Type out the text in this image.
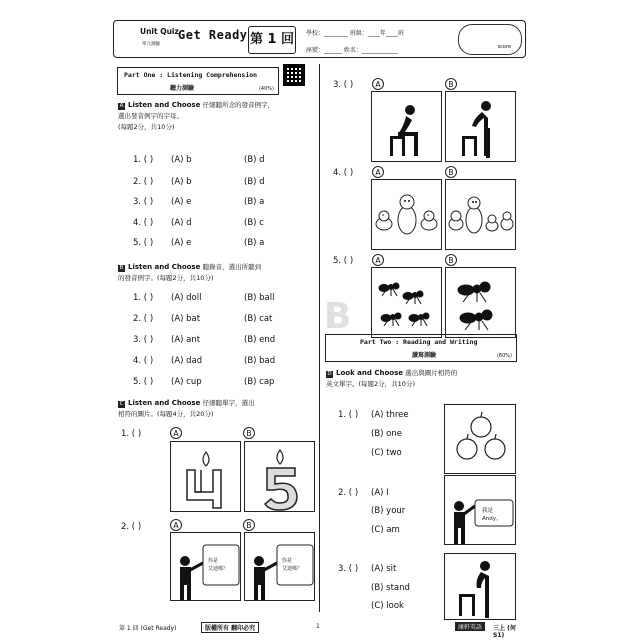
Unit Quiz
單元測驗
Get Ready 第 1 回	學校：________ 班級：____年____班
座號：______ 姓名：____________	score
Part One : Listening Comprehension
聽力測驗	(40%)
A Listen and Choose 仔細聽所念的發音例字，
選出發音例字的字母。
(每題2分，共10分)
1. ( ) (A) b	(B) d
2. ( ) (A) b	(B) d
3. ( ) (A) e	(B) a
4. ( ) (A) d	(B) c
5. ( ) (A) e	(B) a
B Listen and Choose 聽錄音，選出所聽到
的發音例字。(每題2分，共10分)
1. ( ) (A) doll	(B) ball
2. ( ) (A) bat	(B) cat
3. ( ) (A) ant	(B) end
4. ( ) (A) dad	(B) bad
5. ( ) (A) cup	(B) cap
C Listen and Choose 仔細聽單字，選出
相符的圖片。(每題4分，共20分)
1. ( )	A	B
2. ( )	A	B
你是
艾迪嗎？
你是
艾迪嗎？
3. ( )	A	B
4. ( )	A	B
5. ( )	A	B
B
Part Two : Reading and Writing
讀寫測驗	(60%)
D Look and Choose 選出與圖片相符的
英文單字。(每題2分，共10分)
1. ( ) (A) three
(B) one
(C) two
2. ( ) (A) I
(B) your
(C) am
我是
Andy。
3. ( ) (A) sit
(B) stand
(C) look
第 1 回 (Get Ready)	版權所有 翻印必究	1	康軒英語	三上 (何S1)
